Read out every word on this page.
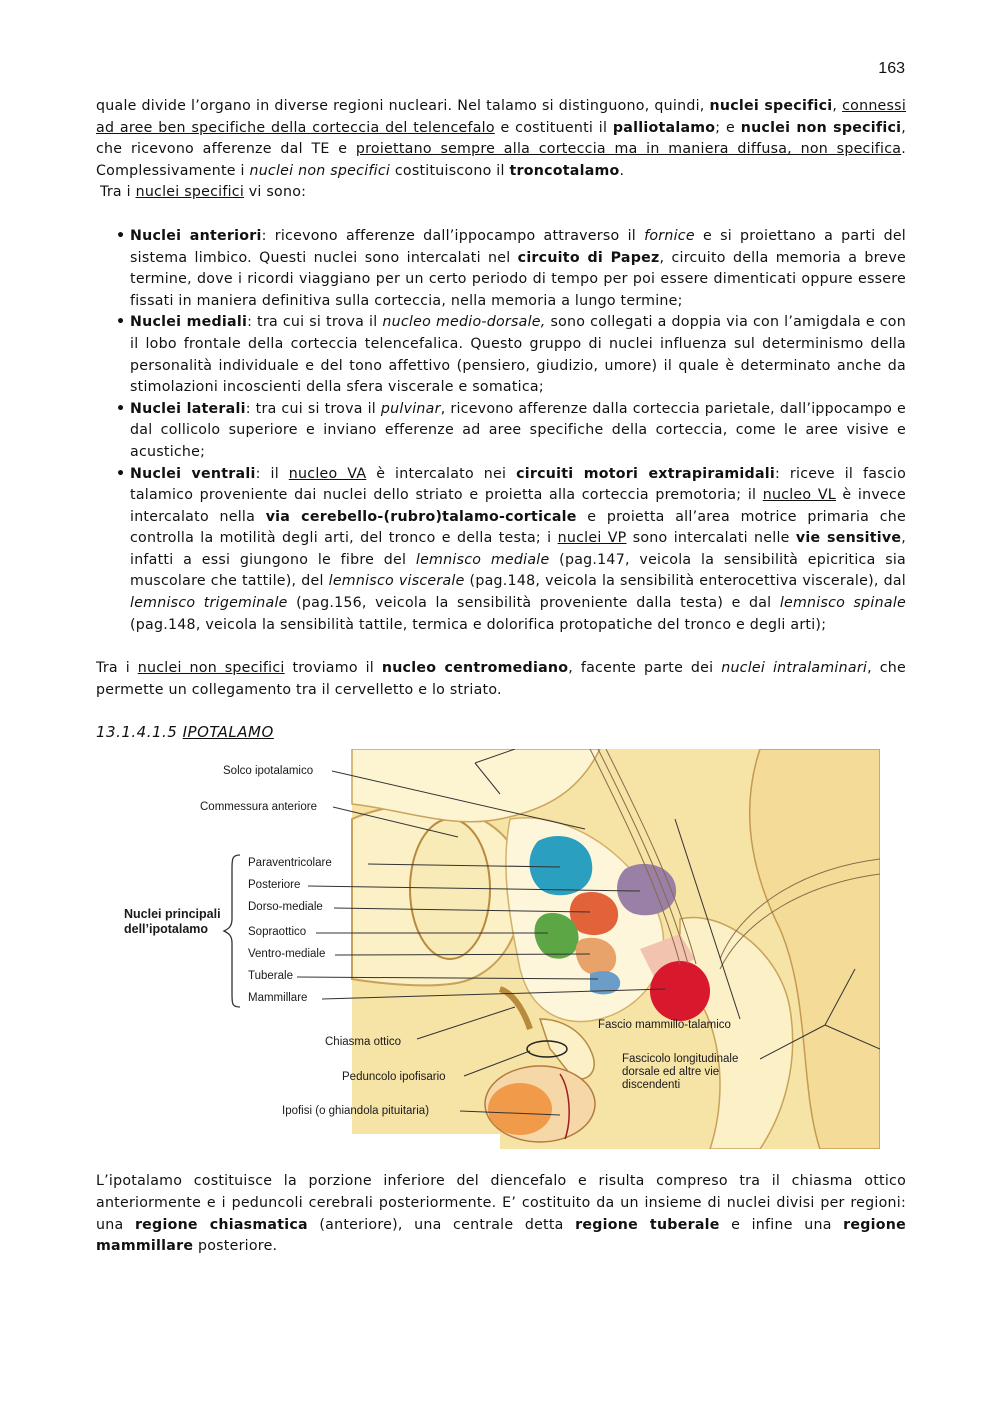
163

quale divide l’organo in diverse regioni nucleari. Nel talamo si distinguono, quindi, nuclei specifici, connessi ad aree ben specifiche della corteccia del telencefalo e costituenti il palliotalamo; e nuclei non specifici, che ricevono afferenze dal TE e proiettano sempre alla corteccia ma in maniera diffusa, non specifica. Complessivamente i nuclei non specifici costituiscono il troncotalamo.

Tra i nuclei specifici vi sono:

• Nuclei anteriori: ricevono afferenze dall’ippocampo attraverso il fornice e si proiettano a parti del sistema limbico. Questi nuclei sono intercalati nel circuito di Papez, circuito della memoria a breve termine, dove i ricordi viaggiano per un certo periodo di tempo per poi essere dimenticati oppure essere fissati in maniera definitiva sulla corteccia, nella memoria a lungo termine;
• Nuclei mediali: tra cui si trova il nucleo medio-dorsale, sono collegati a doppia via con l’amigdala e con il lobo frontale della corteccia telencefalica. Questo gruppo di nuclei influenza sul determinismo della personalità individuale e del tono affettivo (pensiero, giudizio, umore) il quale è determinato anche da stimolazioni incoscienti della sfera viscerale e somatica;
• Nuclei laterali: tra cui si trova il pulvinar, ricevono afferenze dalla corteccia parietale, dall’ippocampo e dal collicolo superiore e inviano efferenze ad aree specifiche della corteccia, come le aree visive e acustiche;
• Nuclei ventrali: il nucleo VA è intercalato nei circuiti motori extrapiramidali: riceve il fascio talamico proveniente dai nuclei dello striato e proietta alla corteccia premotoria; il nucleo VL è invece intercalato nella via cerebello-(rubro)talamo-corticale e proietta all’area motrice primaria che controlla la motilità degli arti, del tronco e della testa; i nuclei VP sono intercalati nelle vie sensitive, infatti a essi giungono le fibre del lemnisco mediale (pag.147, veicola la sensibilità epicritica sia muscolare che tattile), del lemnisco viscerale (pag.148, veicola la sensibilità enterocettiva viscerale), dal lemnisco trigeminale (pag.156, veicola la sensibilità proveniente dalla testa) e dal lemnisco spinale (pag.148, veicola la sensibilità tattile, termica e dolorifica protopatiche del tronco e degli arti);

Tra i nuclei non specifici troviamo il nucleo centromediano, facente parte dei nuclei intralaminari, che permette un collegamento tra il cervelletto e lo striato.

13.1.4.1.5 IPOTALAMO
Solco ipotalamico
Commessura anteriore
Nuclei principali dell’ipotalamo
Paraventricolare
Posteriore
Dorso-mediale
Sopraottico
Ventro-mediale
Tuberale
Mammillare
Chiasma ottico
Peduncolo ipofisario
Ipofisi (o ghiandola pituitaria)
Fascio mammillo-talamico
Fascicolo longitudinale dorsale ed altre vie discendenti

L’ipotalamo costituisce la porzione inferiore del diencefalo e risulta compreso tra il chiasma ottico anteriormente e i peduncoli cerebrali posteriormente. E’ costituito da un insieme di nuclei divisi per regioni: una regione chiasmatica (anteriore), una centrale detta regione tuberale e infine una regione mammillare posteriore.
